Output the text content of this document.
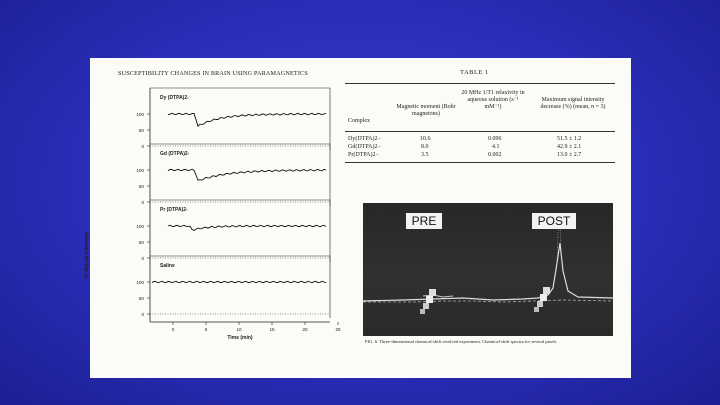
SUSCEPTIBILITY CHANGES IN BRAIN USING PARAMAGNETICS
100
50
0
Dy (DTPA)2-
100
50
0
Gd (DTPA)2-
100
50
0
Pr (DTPA)2-
100
50
0
Saline
0	5	10	15	20	25
Time (min)
% Signal Intensity
TABLE 1
Complex
Magnetic moment (Bohr magnetons)
20 MHz 1/T1 relaxivity in aqueous solution (s⁻¹ mM⁻¹)
Maximum signal intensity decrease (%) (mean, n = 3)
Dy(DTPA)2−	10.6	0.096	51.5 ± 1.2
Gd(DTPA)2−	8.0	4.1	42.9 ± 2.1
Pr(DTPA)2−	3.5	0.002	13.0 ± 2.7
PRE	POST
FIG. 6. Three-dimensional chemical-shift resolved experiment. Chemical-shift spectra for several pixels
